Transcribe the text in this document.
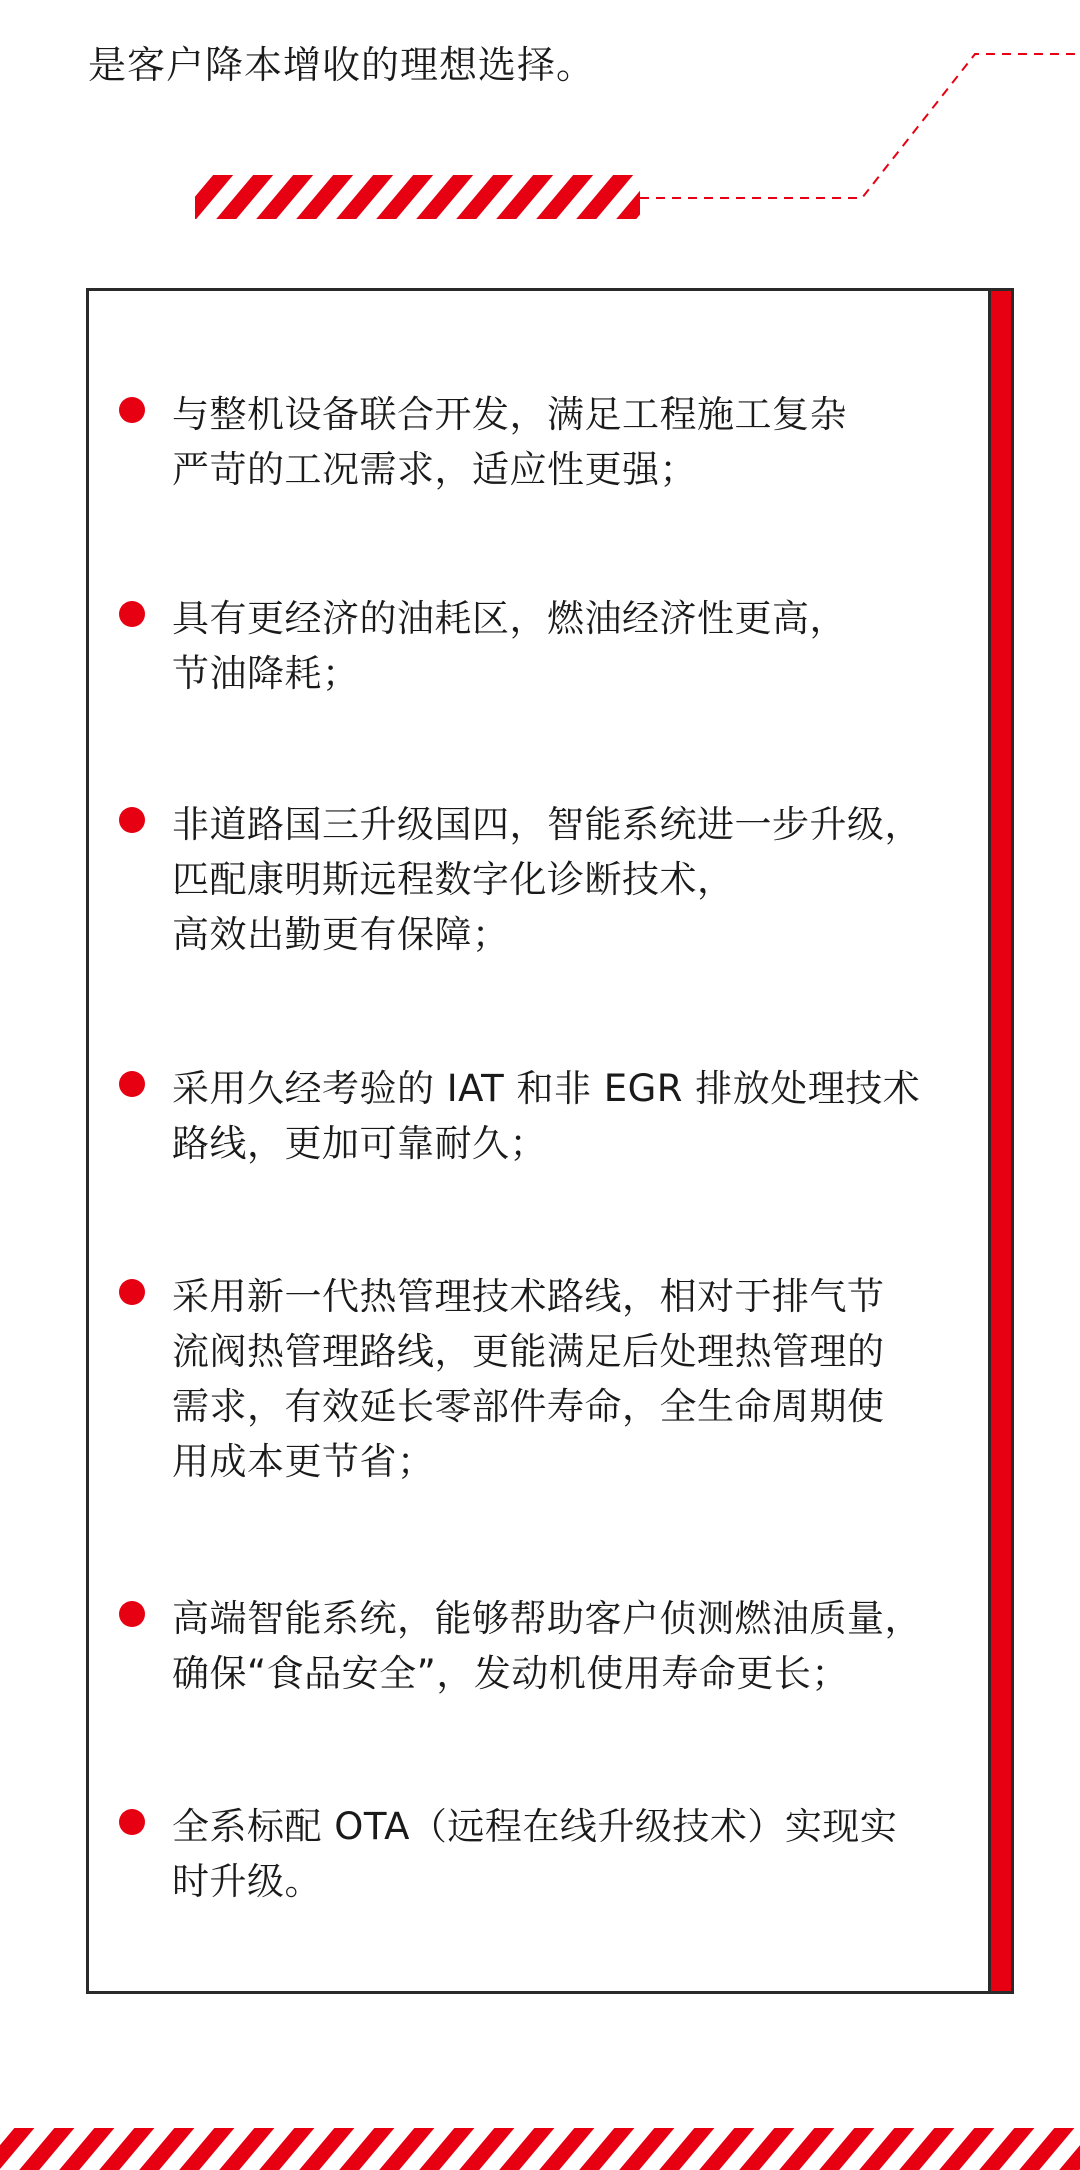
是客户降本增收的理想选择。

与整机设备联合开发，满足工程施工复杂
严苛的工况需求，适应性更强；

具有更经济的油耗区，燃油经济性更高，
节油降耗；

非道路国三升级国四，智能系统进一步升级，
匹配康明斯远程数字化诊断技术，
高效出勤更有保障；

采用久经考验的 IAT 和非 EGR 排放处理技术
路线，更加可靠耐久；

采用新一代热管理技术路线，相对于排气节
流阀热管理路线，更能满足后处理热管理的
需求，有效延长零部件寿命，全生命周期使
用成本更节省；

高端智能系统，能够帮助客户侦测燃油质量，
确保“食品安全”，发动机使用寿命更长；

全系标配 OTA（远程在线升级技术）实现实
时升级。
